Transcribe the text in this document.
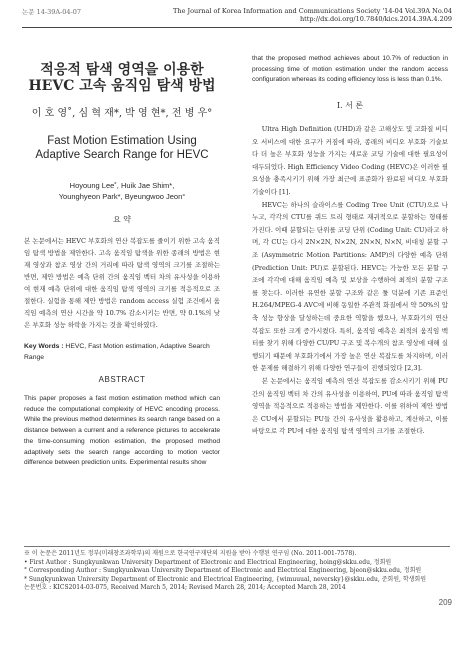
논문 14-39A-04-07	The Journal of Korea Information and Communications Society '14-04 Vol.39A No.04
http://dx.doi.org/10.7840/kics.2014.39A.4.209
적응적 탐색 영역을 이용한
HEVC 고속 움직임 탐색 방법
이 호 영˚, 심 혁 재*, 박 영 현*, 전 병 우°
Fast Motion Estimation Using
Adaptive Search Range for HEVC
Hoyoung Lee˚, Huik Jae Shim*,
Younghyeon Park*, Byeungwoo Jeon°
요 약
본 논문에서는 HEVC 부호화의 연산 복잡도를 줄이기 위한 고속 움직임 탐색 방법을 제안한다. 고속 움직임 탐색을 위한 종래의 방법은 현재 영상과 참조 영상 간의 거리에 따라 탐색 영역의 크기를 조절하는 반면, 제안 방법은 예측 단위 간의 움직임 벡터 차의 유사성을 이용하여 현재 예측 단위에 대한 움직임 탐색 영역의 크기를 적응적으로 조절한다. 실험을 통해 제안 방법은 random access 실험 조건에서 움직임 예측의 연산 시간을 약 10.7% 감소시키는 반면, 약 0.1%의 낮은 부호화 성능 하락을 가지는 것을 확인하였다.
Key Words : HEVC, Fast Motion estimation, Adaptive Search Range
ABSTRACT
This paper proposes a fast motion estimation method which can reduce the computational complexity of HEVC encoding process. While the previous method determines its search range based on a distance between a current and a reference pictures to accelerate the time-consuming motion estimation, the proposed method adaptively sets the search range according to motion vector difference between prediction units. Experimental results show
that the proposed method achieves about 10.7% of reduction in processing time of motion estimation under the random access configuration whereas its coding efficiency loss is less than 0.1%.
Ⅰ. 서 론

Ultra High Definition (UHD)과 같은 고해상도 및 고화질 비디오 서비스에 대한 요구가 커짐에 따라, 종래의 비디오 부호화 기술보다 더 높은 부호화 성능을 가지는 새로운 코딩 기술에 대한 필요성이 대두되었다. High Efficiency Video Coding (HEVC)은 이러한 필요성을 충족시키기 위해 가장 최근에 표준화가 완료된 비디오 부호화 기술이다 [1].

HEVC는 하나의 슬라이스를 Coding Tree Unit (CTU)으로 나누고, 각각의 CTU를 쿼드 트리 형태로 재귀적으로 분할하는 형태를 가진다. 이때 분할되는 단위를 코딩 단위 (Coding Unit: CU)라고 하며, 각 CU는 다시 2N×2N, N×2N, 2N×N, N×N, 비대칭 분할 구조 (Asymmetric Motion Partitions: AMP)의 다양한 예측 단위 (Prediction Unit: PU)로 분할된다. HEVC는 가능한 모든 분할 구조에 각각에 대해 움직임 예측 및 보상을 수행하여 최적의 분할 구조를 찾는다. 이러한 유연한 분할 구조와 같은 툴 덕분에 기존 표준인 H.264/MPEG-4 AVC에 비해 동일한 주관적 화질에서 약 50%의 압축 성능 향상을 달성하는데 중요한 역할을 했으나, 부호화기의 연산 복잡도 또한 크게 증가시켰다. 특히, 움직임 예측은 최적의 움직임 벡터를 찾기 위해 다양한 CU/PU 구조 및 복수개의 참조 영상에 대해 실행되기 때문에 부호화기에서 가장 높은 연산 복잡도를 차지하며, 이러한 문제를 해결하기 위해 다양한 연구들이 진행되었다 [2,3].

본 논문에서는 움직임 예측의 연산 복잡도를 감소시키기 위해 PU 간의 움직임 벡터 차 간의 유사성을 이용하여, PU에 따라 움직임 탐색 영역을 적응적으로 적용하는 방법을 제안한다. 이를 위하여 제안 방법은 CU에서 분할되는 PU들 간의 유사성을 활용하고, 계산하고, 이를 바탕으로 각 PU에 대한 움직임 탐색 영역의 크기를 조절한다.

※ 이 논문은 2011년도 정부(미래창조과학부)의 재원으로 한국연구재단의 지원을 받아 수행된 연구임 (No. 2011-001-7578).
• First Author : Sungkyunkwan University Department of Electronic and Electrical Engineering, hoing@skku.edu, 정회원
° Corresponding Author : Sungkyunkwan University Department of Electronic and Electrical Engineering, bjeon@skku.edu, 정회원
* Sungkyunkwan University Department of Electronic and Electrical Engineering, {wimuuual, neversky}@skku.edu, 준회원, 학생회원
논문번호 : KICS2014-03-075, Received March 5, 2014; Revised March 28, 2014; Accepted March 28, 2014
209
